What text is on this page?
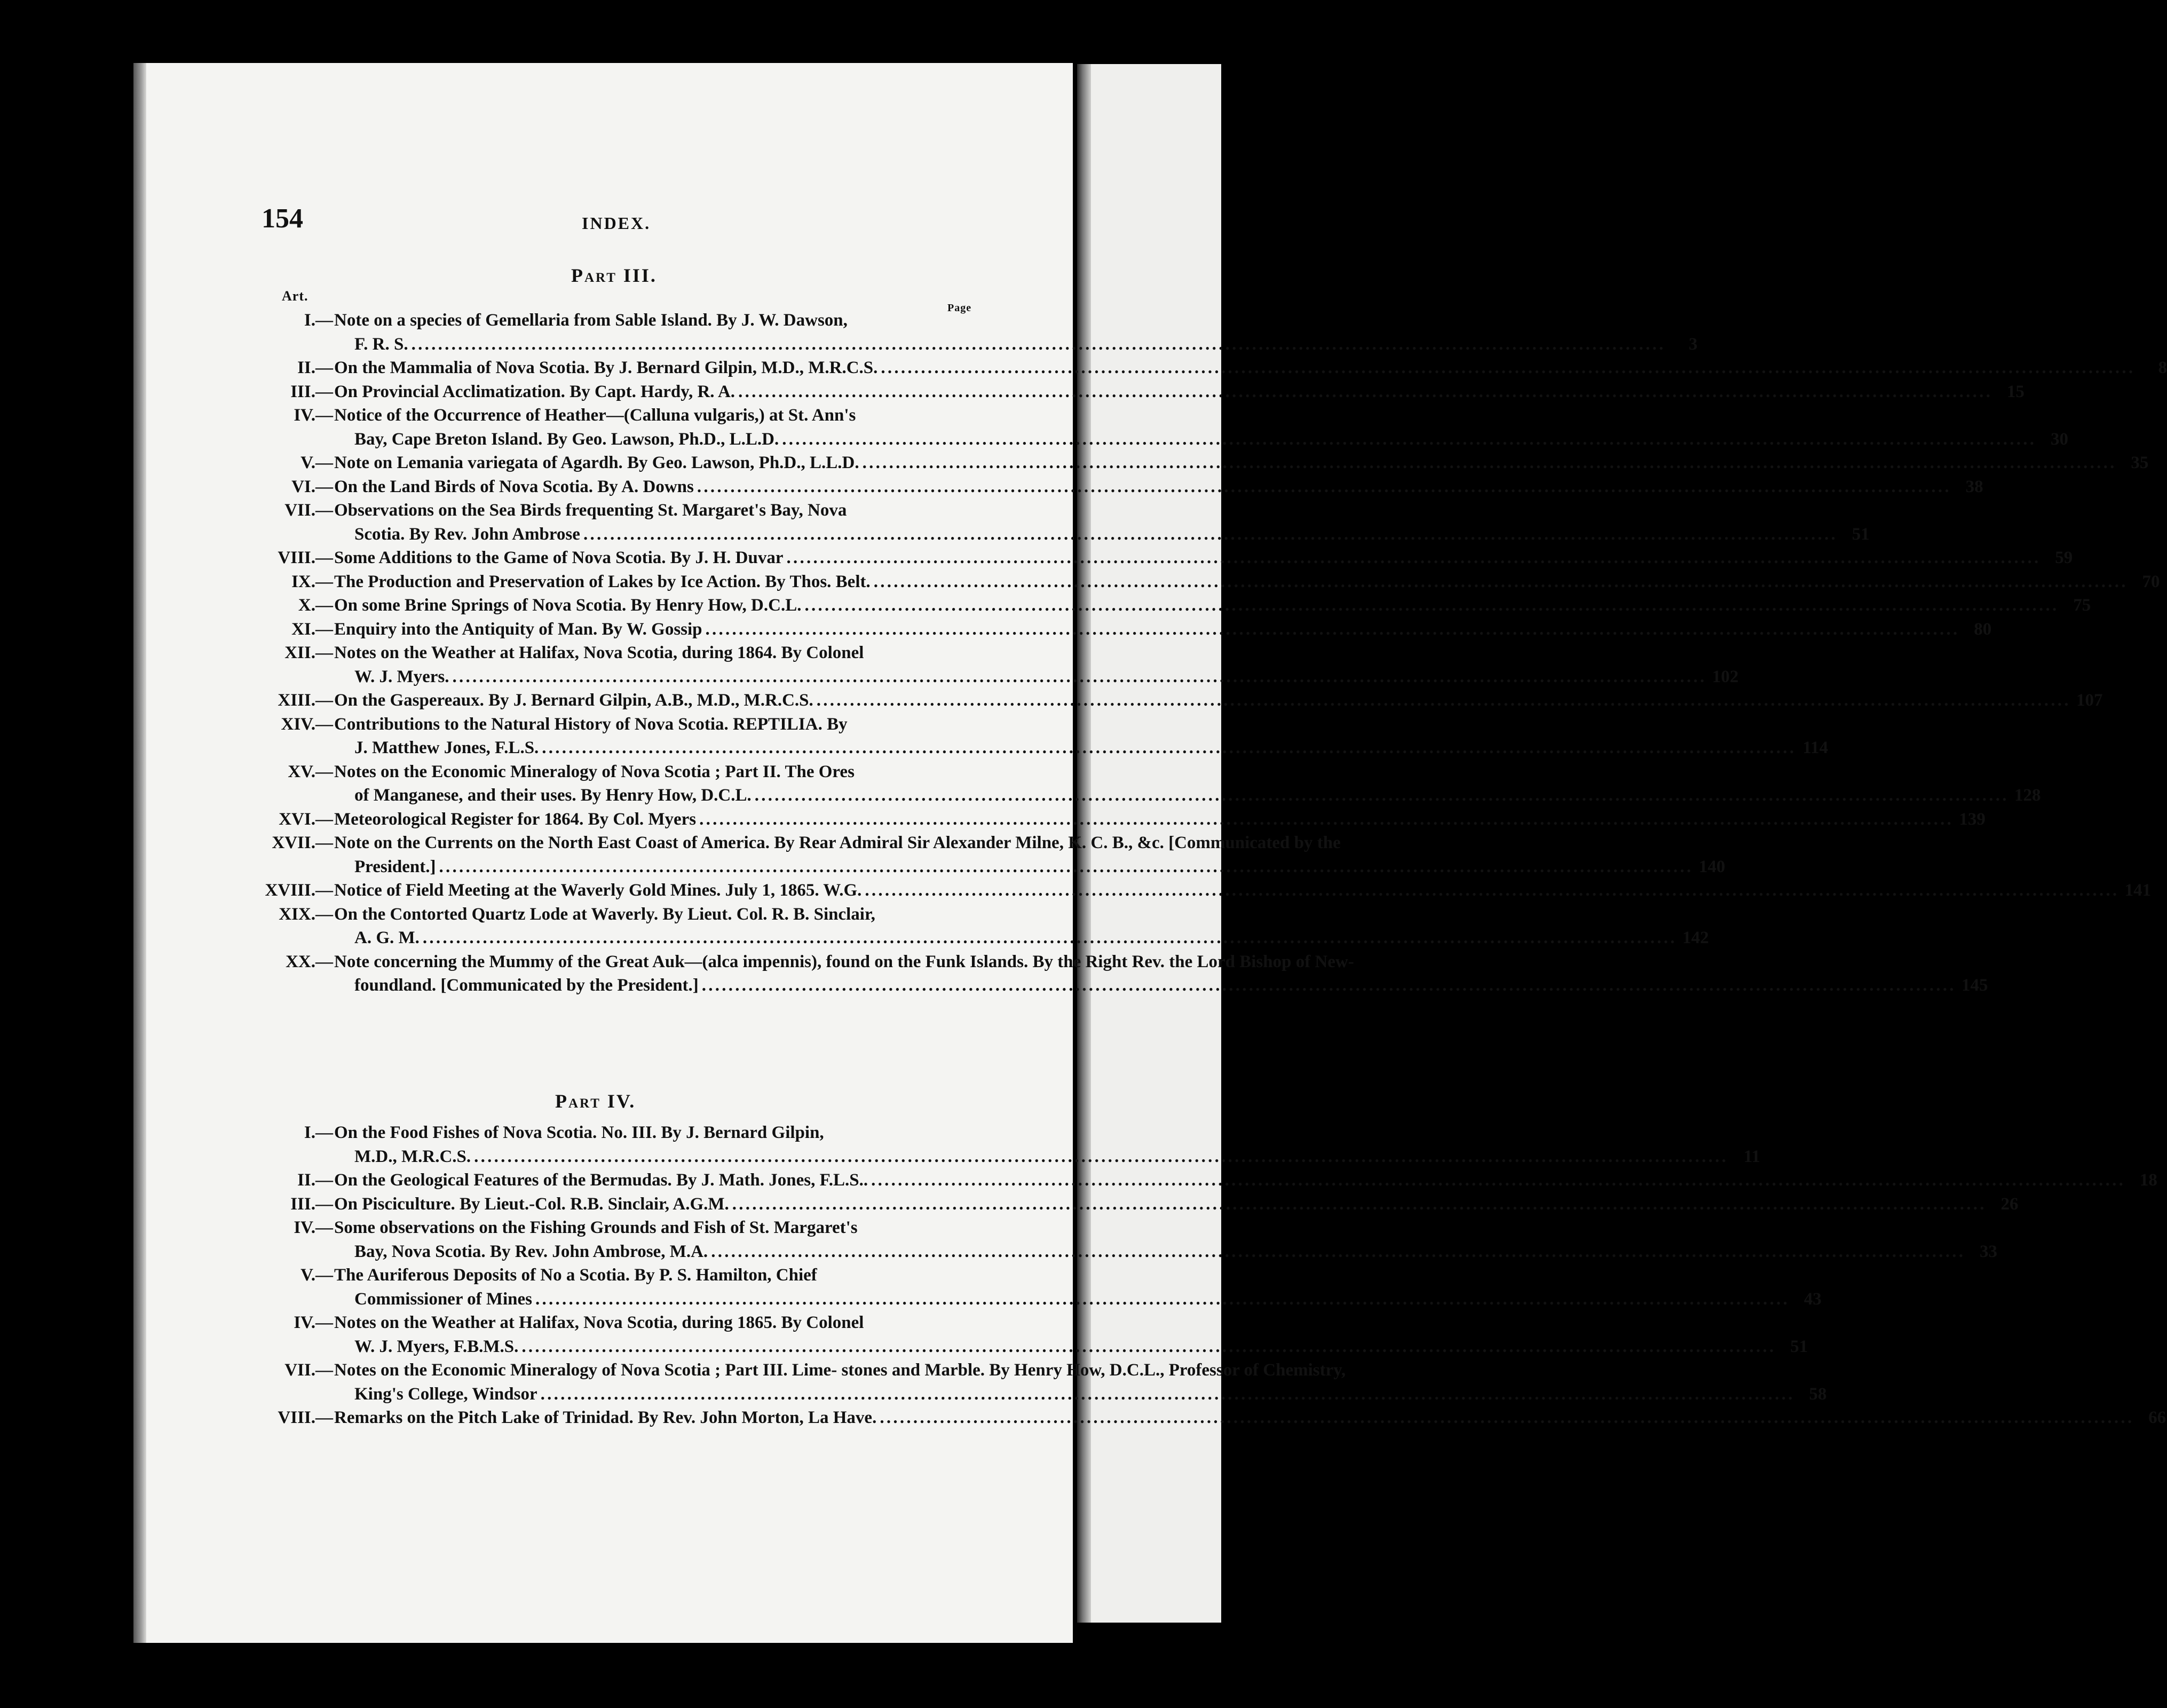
154	INDEX.
Part III.
Art.
Page
I.— Note on a species of Gemellaria from Sable Island. By J. W. Dawson,
F. R. S. . . .	3
II.— On the Mammalia of Nova Scotia. By J. Bernard Gilpin, M.D., M.R.C.S. . . .	8
III.— On Provincial Acclimatization. By Capt. Hardy, R. A. . . .	15
IV.— Notice of the Occurrence of Heather—(Calluna vulgaris,) at St. Ann's
Bay, Cape Breton Island. By Geo. Lawson, Ph.D., L.L.D. . . .	30
V.— Note on Lemania variegata of Agardh. By Geo. Lawson, Ph.D., L.L.D. . . .	35
VI.— On the Land Birds of Nova Scotia. By A. Downs . . .	38
VII.— Observations on the Sea Birds frequenting St. Margaret's Bay, Nova
Scotia. By Rev. John Ambrose . . .	51
VIII.— Some Additions to the Game of Nova Scotia. By J. H. Duvar . . .	59
IX.— The Production and Preservation of Lakes by Ice Action. By Thos. Belt. . . .	70
X.— On some Brine Springs of Nova Scotia. By Henry How, D.C.L. . . .	75
XI.— Enquiry into the Antiquity of Man. By W. Gossip . . .	80
XII.— Notes on the Weather at Halifax, Nova Scotia, during 1864. By Colonel
W. J. Myers. . . .	102
XIII.— On the Gaspereaux. By J. Bernard Gilpin, A.B., M.D., M.R.C.S. . . .	107
XIV.— Contributions to the Natural History of Nova Scotia. REPTILIA. By
J. Matthew Jones, F.L.S. . . .	114
XV.— Notes on the Economic Mineralogy of Nova Scotia ; Part II. The Ores
of Manganese, and their uses. By Henry How, D.C.L. . . .	128
XVI.— Meteorological Register for 1864. By Col. Myers . . .	139
XVII.— Note on the Currents on the North East Coast of America. By Rear Admiral Sir Alexander Milne, K. C. B., &c. [Communicated by the
President.] . . .	140
XVIII.— Notice of Field Meeting at the Waverly Gold Mines. July 1, 1865. W.G. . . .	141
XIX.— On the Contorted Quartz Lode at Waverly. By Lieut. Col. R. B. Sinclair,
A. G. M. . . .	142
XX.— Note concerning the Mummy of the Great Auk—(alca impennis), found on the Funk Islands. By the Right Rev. the Lord Bishop of New-
foundland. [Communicated by the President.] . . .	145
Part IV.
I.— On the Food Fishes of Nova Scotia. No. III. By J. Bernard Gilpin,
M.D., M.R.C.S. . . .	11
II.— On the Geological Features of the Bermudas. By J. Math. Jones, F.L.S.. . . .	18
III.— On Pisciculture. By Lieut.-Col. R.B. Sinclair, A.G.M. . . .	26
IV.— Some observations on the Fishing Grounds and Fish of St. Margaret's
Bay, Nova Scotia. By Rev. John Ambrose, M.A. . . .	33
V.— The Auriferous Deposits of No a Scotia. By P. S. Hamilton, Chief
Commissioner of Mines . . .	43
IV.— Notes on the Weather at Halifax, Nova Scotia, during 1865. By Colonel
W. J. Myers, F.B.M.S. . . .	51
VII.— Notes on the Economic Mineralogy of Nova Scotia ; Part III. Lime- stones and Marble. By Henry How, D.C.L., Professor of Chemistry,
King's College, Windsor . . .	58
VIII.— Remarks on the Pitch Lake of Trinidad. By Rev. John Morton, La Have. . . .	66
